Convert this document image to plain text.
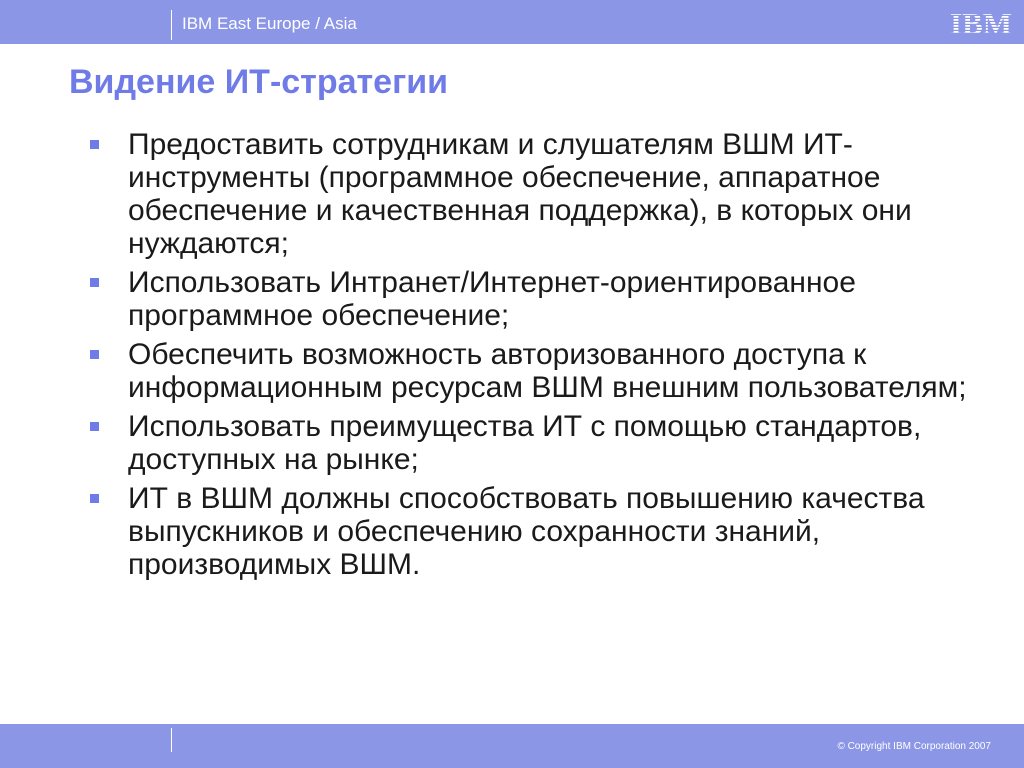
IBM East Europe / Asia	IBM
Видение ИТ-стратегии
Предоставить сотрудникам и слушателям ВШМ ИТ-инструменты (программное обеспечение, аппаратное обеспечение и качественная поддержка), в которых они нуждаются;
Использовать Интранет/Интернет-ориентированное программное обеспечение;
Обеспечить возможность авторизованного доступа к информационным ресурсам ВШМ внешним пользователям;
Использовать преимущества ИТ с помощью стандартов, доступных на рынке;
ИТ в ВШМ должны способствовать повышению качества выпускников и обеспечению сохранности знаний, производимых ВШМ.
© Copyright IBM Corporation 2007
